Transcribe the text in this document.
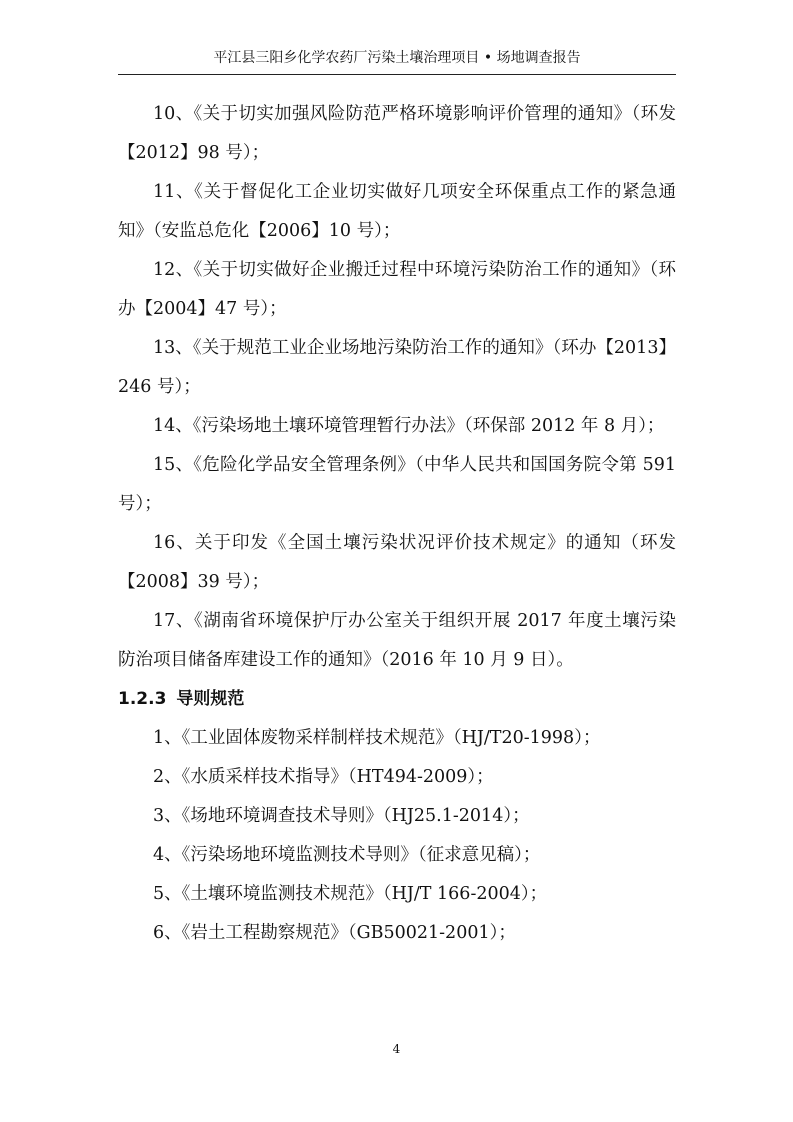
平江县三阳乡化学农药厂污染土壤治理项目 • 场地调查报告

10、《关于切实加强风险防范严格环境影响评价管理的通知》（环发【2012】98 号）；

11、《关于督促化工企业切实做好几项安全环保重点工作的紧急通知》（安监总危化【2006】10 号）；

12、《关于切实做好企业搬迁过程中环境污染防治工作的通知》（环办【2004】47 号）；

13、《关于规范工业企业场地污染防治工作的通知》（环办【2013】246 号）；

14、《污染场地土壤环境管理暂行办法》（环保部 2012 年 8 月）；

15、《危险化学品安全管理条例》（中华人民共和国国务院令第 591 号）；

16、关于印发《全国土壤污染状况评价技术规定》的通知（环发【2008】39 号）；

17、《湖南省环境保护厅办公室关于组织开展 2017 年度土壤污染防治项目储备库建设工作的通知》（2016 年 10 月 9 日）。

1.2.3 导则规范

1、《工业固体废物采样制样技术规范》（HJ/T20-1998）；

2、《水质采样技术指导》（HT494-2009）；

3、《场地环境调查技术导则》（HJ25.1-2014）；

4、《污染场地环境监测技术导则》（征求意见稿）；

5、《土壤环境监测技术规范》（HJ/T 166-2004）；

6、《岩土工程勘察规范》（GB50021-2001）；

4
